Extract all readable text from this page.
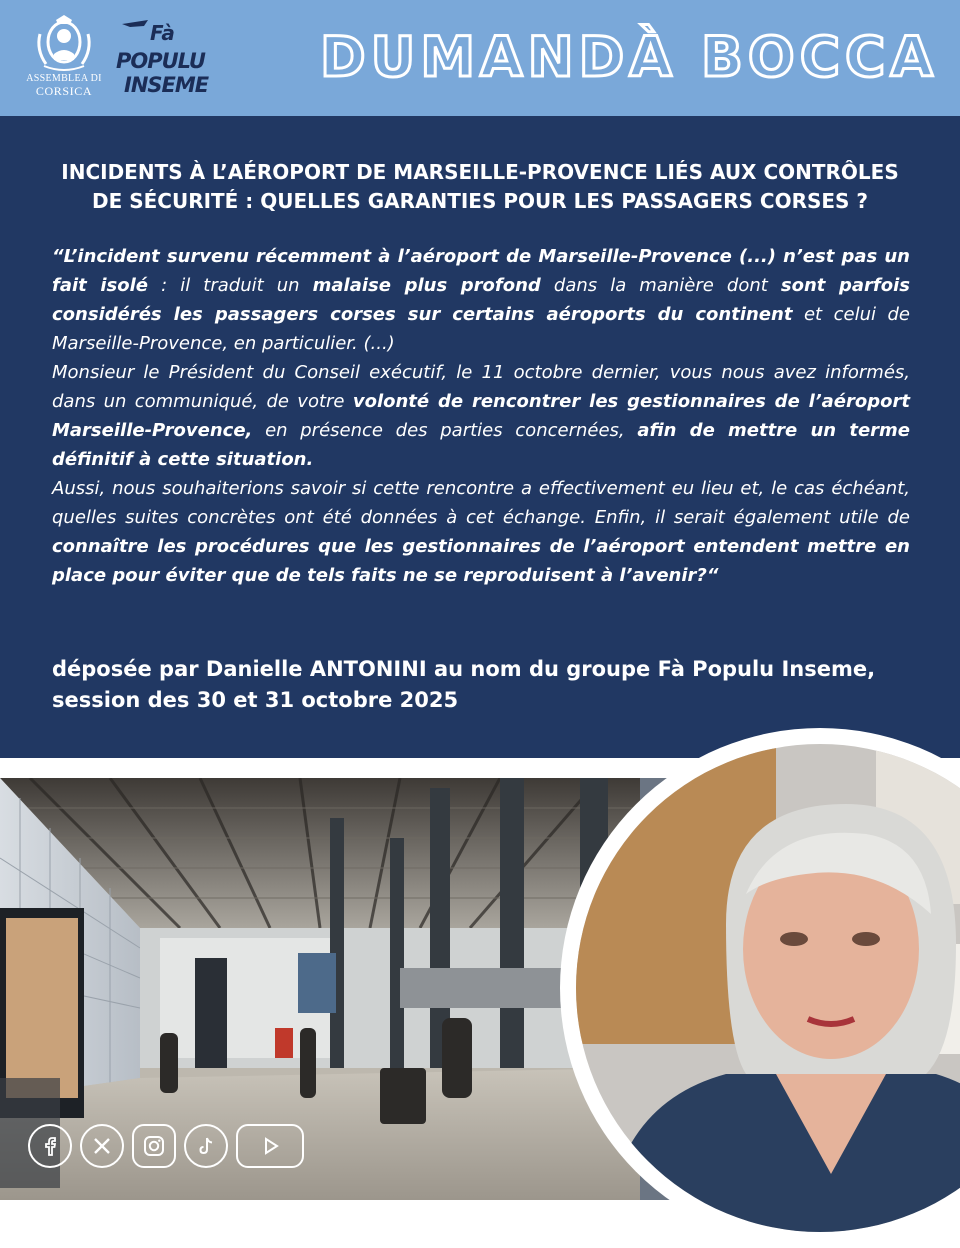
ASSEMBLEA DI
CORSICA
Fà
POPULU
INSEME DUMANDÀ BOCCA
INCIDENTS À L’AÉROPORT DE MARSEILLE-PROVENCE LIÉS AUX CONTRÔLES
DE SÉCURITÉ : QUELLES GARANTIES POUR LES PASSAGERS CORSES ?

“L’incident survenu récemment à l’aéroport de Marseille-Provence (...) n’est pas un fait isolé : il traduit un malaise plus profond dans la manière dont sont parfois considérés les passagers corses sur certains aéroports du continent et celui de Marseille-Provence, en particulier. (...)

Monsieur le Président du Conseil exécutif, le 11 octobre dernier, vous nous avez informés, dans un communiqué, de votre volonté de rencontrer les gestionnaires de l’aéroport Marseille-Provence, en présence des parties concernées, afin de mettre un terme définitif à cette situation.

Aussi, nous souhaiterions savoir si cette rencontre a effectivement eu lieu et, le cas échéant, quelles suites concrètes ont été données à cet échange. Enfin, il serait également utile de connaître les procédures que les gestionnaires de l’aéroport entendent mettre en place pour éviter que de tels faits ne se reproduisent à l’avenir?“

déposée par Danielle ANTONINI au nom du groupe Fà Populu Inseme,
session des 30 et 31 octobre 2025
